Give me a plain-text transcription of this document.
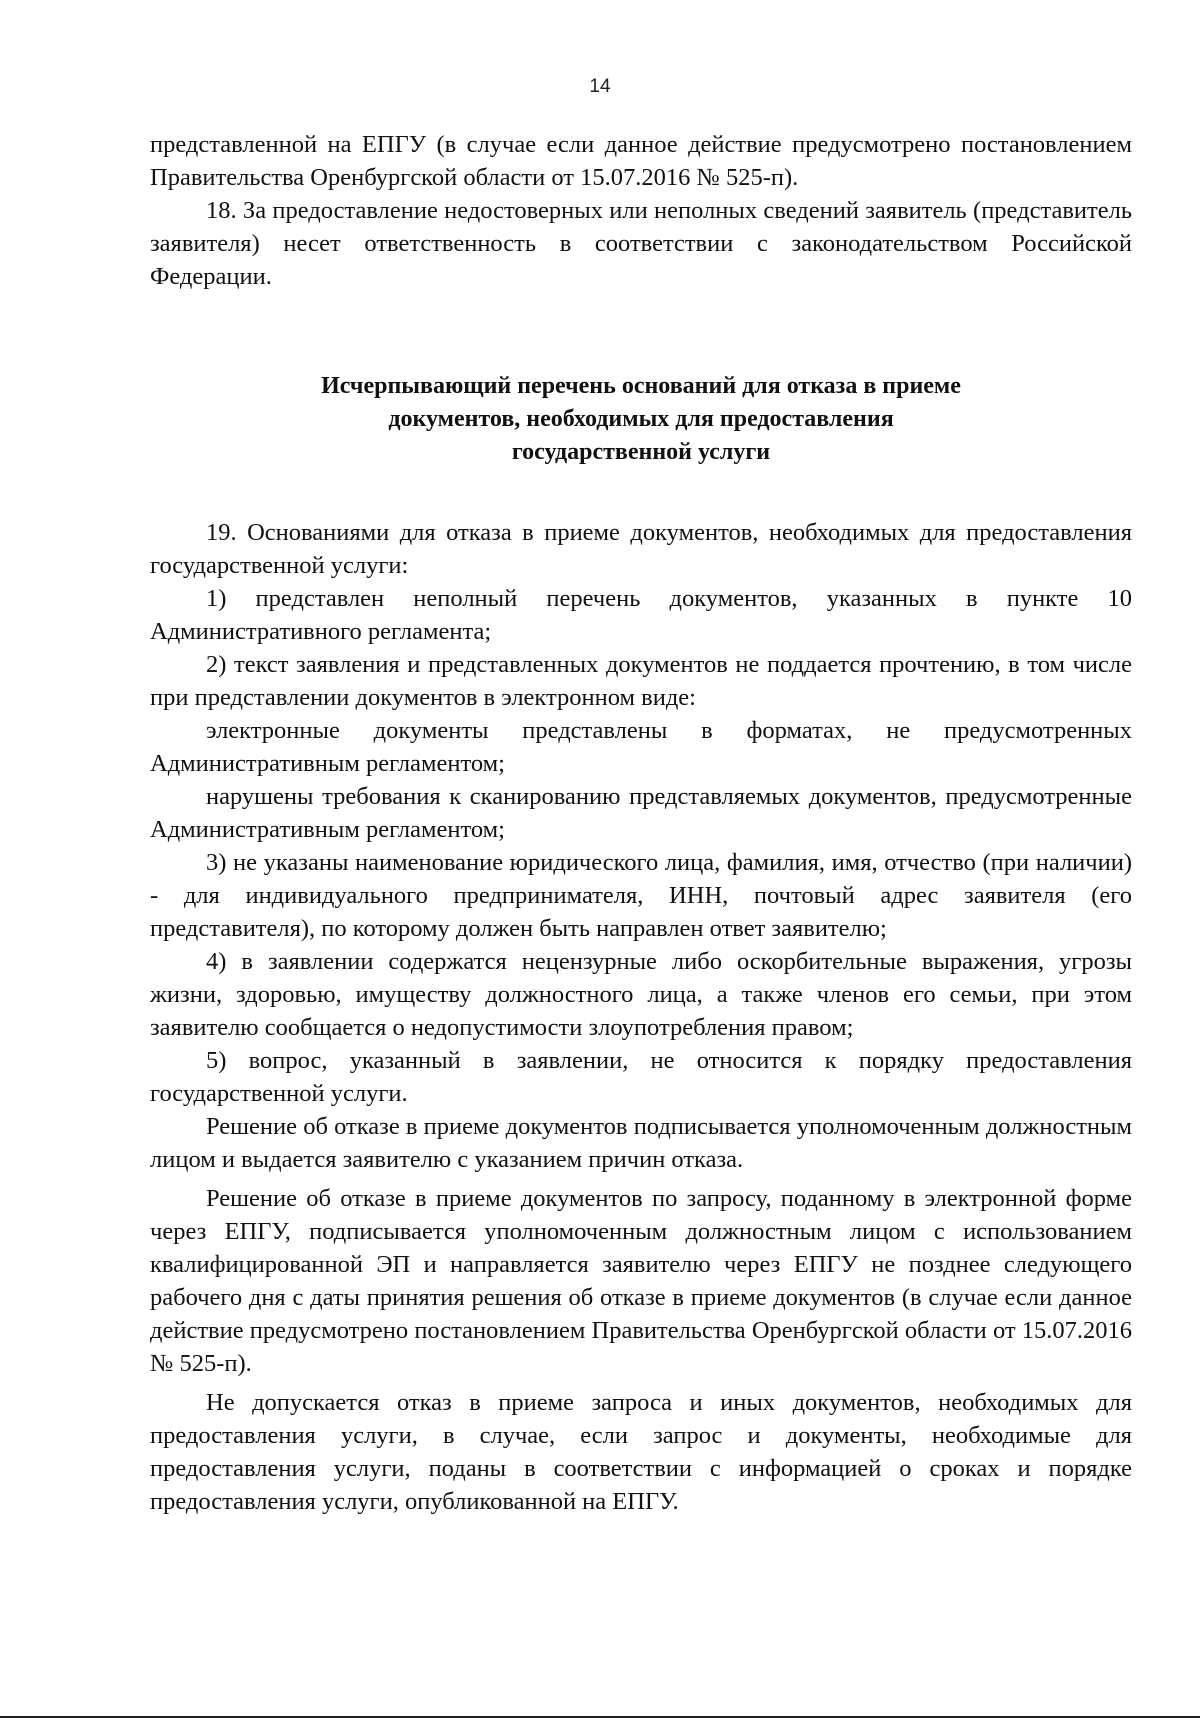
14

представленной на ЕПГУ (в случае если данное действие предусмотрено постановлением Правительства Оренбургской области от 15.07.2016 № 525-п).

18. За предоставление недостоверных или неполных сведений заявитель (представитель заявителя) несет ответственность в соответствии с законодательством Российской Федерации.

Исчерпывающий перечень оснований для отказа в приеме
документов, необходимых для предоставления
государственной услуги

19. Основаниями для отказа в приеме документов, необходимых для предоставления государственной услуги:

1) представлен неполный перечень документов, указанных в пункте 10 Административного регламента;

2) текст заявления и представленных документов не поддается прочтению, в том числе при представлении документов в электронном виде:

электронные документы представлены в форматах, не предусмотренных Административным регламентом;

нарушены требования к сканированию представляемых документов, предусмотренные Административным регламентом;

3) не указаны наименование юридического лица, фамилия, имя, отчество (при наличии) - для индивидуального предпринимателя, ИНН, почтовый адрес заявителя (его представителя), по которому должен быть направлен ответ заявителю;

4) в заявлении содержатся нецензурные либо оскорбительные выражения, угрозы жизни, здоровью, имуществу должностного лица, а также членов его семьи, при этом заявителю сообщается о недопустимости злоупотребления правом;

5) вопрос, указанный в заявлении, не относится к порядку предоставления государственной услуги.

Решение об отказе в приеме документов подписывается уполномоченным должностным лицом и выдается заявителю с указанием причин отказа.

Решение об отказе в приеме документов по запросу, поданному в электронной форме через ЕПГУ, подписывается уполномоченным должностным лицом с использованием квалифицированной ЭП и направляется заявителю через ЕПГУ не позднее следующего рабочего дня с даты принятия решения об отказе в приеме документов (в случае если данное действие предусмотрено постановлением Правительства Оренбургской области от 15.07.2016 № 525-п).

Не допускается отказ в приеме запроса и иных документов, необходимых для предоставления услуги, в случае, если запрос и документы, необходимые для предоставления услуги, поданы в соответствии с информацией о сроках и порядке предоставления услуги, опубликованной на ЕПГУ.
